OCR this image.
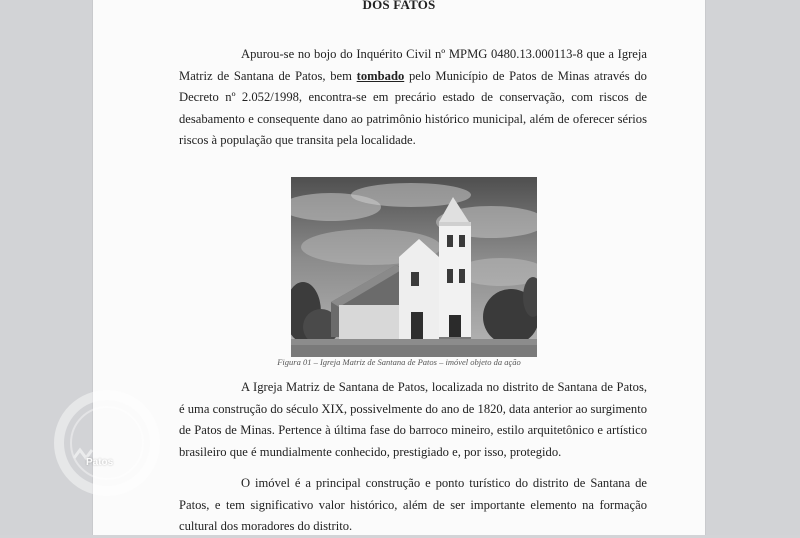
DOS FATOS

Apurou-se no bojo do Inquérito Civil nº MPMG 0480.13.000113-8 que a Igreja Matriz de Santana de Patos, bem tombado pelo Município de Patos de Minas através do Decreto nº 2.052/1998, encontra-se em precário estado de conservação, com riscos de desabamento e consequente dano ao patrimônio histórico municipal, além de oferecer sérios riscos à população que transita pela localidade.

Figura 01 – Igreja Matriz de Santana de Patos – imóvel objeto da ação

A Igreja Matriz de Santana de Patos, localizada no distrito de Santana de Patos, é uma construção do século XIX, possivelmente do ano de 1820, data anterior ao surgimento de Patos de Minas. Pertence à última fase do barroco mineiro, estilo arquitetônico e artístico brasileiro que é mundialmente conhecido, prestigiado e, por isso, protegido.

O imóvel é a principal construção e ponto turístico do distrito de Santana de Patos, e tem significativo valor histórico, além de ser importante elemento na formação cultural dos moradores do distrito.

Patos
